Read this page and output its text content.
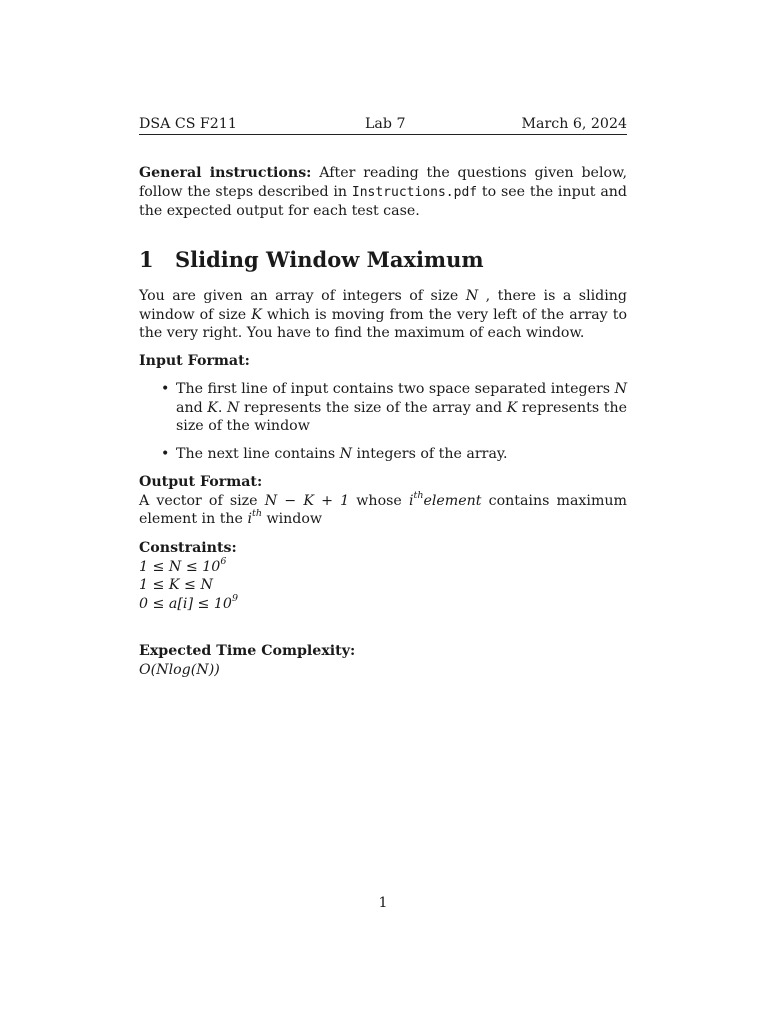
DSA CS F211	Lab 7	March 6, 2024
General instructions: After reading the questions given below, follow the steps described in Instructions.pdf to see the input and the expected output for each test case.
1 Sliding Window Maximum
You are given an array of integers of size N , there is a sliding window of size K which is moving from the very left of the array to the very right. You have to find the maximum of each window.
Input Format:
• The first line of input contains two space separated integers N and K. N represents the size of the array and K represents the size of the window
• The next line contains N integers of the array.
Output Format:
A vector of size N − K + 1 whose $i^{th}element$ contains maximum element in the $i^{th}$ window
Constraints:
$1 \le N \le 10^6$
1 ≤ K ≤ N
$0 \le a[i] \le 10^9$
Expected Time Complexity:
O(Nlog(N))
1
